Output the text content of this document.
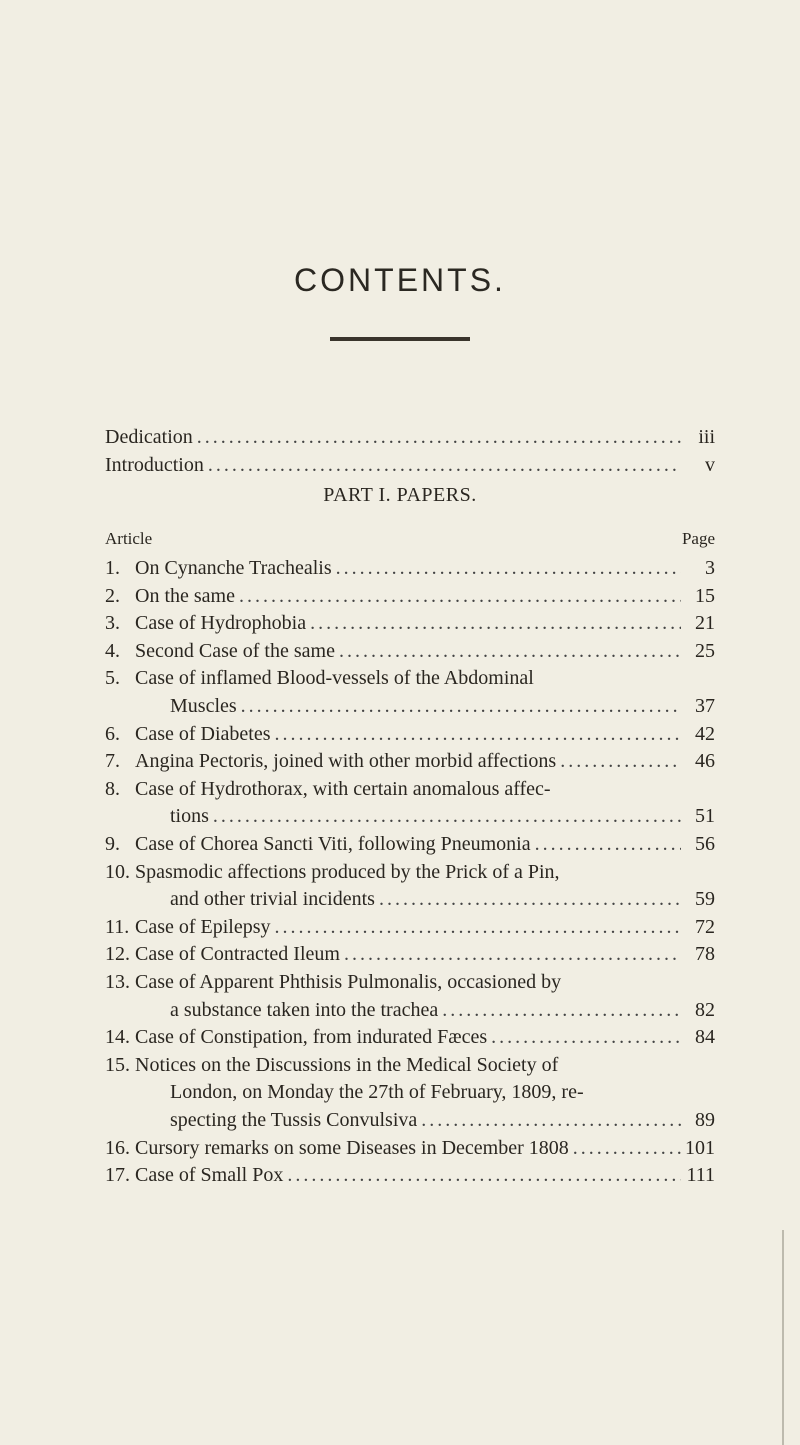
CONTENTS.
Dedication . . .	iii
Introduction . . .	v
PART I. PAPERS.
Article	Page
1. On Cynanche Trachealis . . .	3
2. On the same . . .	15
3. Case of Hydrophobia . . .	21
4. Second Case of the same . . .	25
5. Case of inflamed Blood-vessels of the Abdominal
Muscles . . .	37
6. Case of Diabetes . . .	42
7. Angina Pectoris, joined with other morbid affections . . .	46
8. Case of Hydrothorax, with certain anomalous affec-
tions . . .	51
9. Case of Chorea Sancti Viti, following Pneumonia . . .	56
10. Spasmodic affections produced by the Prick of a Pin,
and other trivial incidents . . .	59
11. Case of Epilepsy . . .	72
12. Case of Contracted Ileum . . .	78
13. Case of Apparent Phthisis Pulmonalis, occasioned by
a substance taken into the trachea . . .	82
14. Case of Constipation, from indurated Fæces . . .	84
15. Notices on the Discussions in the Medical Society of
London, on Monday the 27th of February, 1809, re-
specting the Tussis Convulsiva . . .	89
16. Cursory remarks on some Diseases in December 1808 . . .	101
17. Case of Small Pox . . .	111
